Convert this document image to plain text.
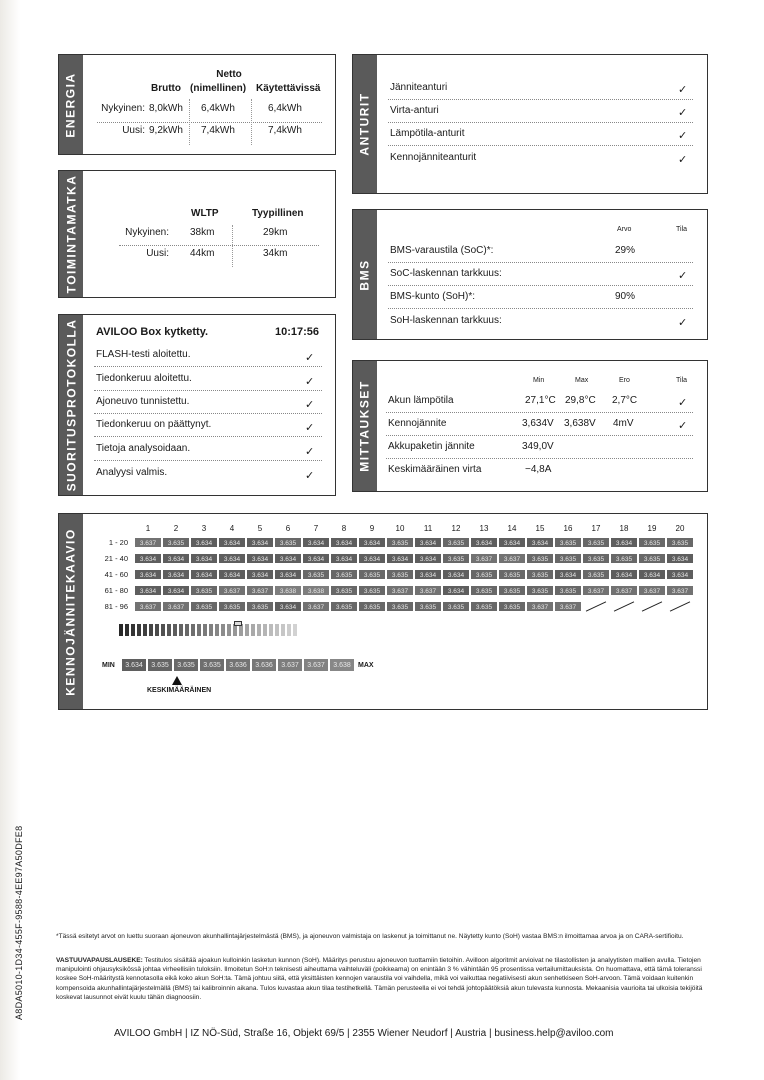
ENERGIA	Netto
Brutto (nimellinen) Käytettävissä
Nykyinen: 8,0kWh 6,4kWh	6,4kWh
Uusi: 9,2kWh 7,4kWh	7,4kWh	ANTURIT
Jänniteanturi	✓
Virta-anturi	✓
Lämpötila-anturit	✓
Kennojänniteanturit	✓
TOIMINTAMATKA	WLTP	Tyypillinen
Nykyinen: 38km	29km
Uusi: 44km	34km
BMS
Arvo	Tila
BMS-varaustila (SoC)*:	29%
SoC-laskennan tarkkuus:	✓
BMS-kunto (SoH)*:	90%
SoH-laskennan tarkkuus:	✓
SUORITUSPROTOKOLLA AVILOO Box kytketty.	10:17:56
FLASH-testi aloitettu.	✓
Tiedonkeruu aloitettu.	✓
Ajoneuvo tunnistettu.	✓
Tiedonkeruu on päättynyt.	✓
Tietoja analysoidaan.	✓
Analyysi valmis.	✓
MITTAUKSET	Min	Max	Ero	Tila
Akun lämpötila	27,1°C 29,8°C 2,7°C	✓
Kennojännite	3,634V 3,638V 4mV	✓
Akkupaketin jännite	349,0V
Keskimääräinen virta	−4,8A
KENNOJÄNNITEKAAVIO	1	2	3	4	5	6	7	8	9	10	11	12	13	14	15	16	17	18	19	20
1 - 20	3.637	3.635	3.634	3.634	3.634	3.635	3.634	3.634	3.634	3.635	3.634	3.635	3.634	3.634	3.634	3.635	3.635	3.634	3.635	3.635
21 - 40	3.634	3.634	3.634	3.634	3.634	3.634	3.634	3.634	3.634	3.634	3.634	3.635	3.637	3.637	3.635	3.635	3.635	3.635	3.635	3.634
41 - 60	3.634	3.634	3.634	3.634	3.634	3.634	3.635	3.635	3.635	3.635	3.634	3.634	3.635	3.635	3.635	3.634	3.635	3.634	3.634	3.634
61 - 80	3.634	3.634	3.635	3.637	3.637	3.638	3.638	3.635	3.635	3.637	3.637	3.634	3.635	3.635	3.635	3.635	3.637	3.637	3.637	3.637
81 - 96	3.637	3.637	3.635	3.635	3.635	3.634	3.637	3.635	3.635	3.635	3.635	3.635	3.635	3.635	3.637	3.637
MIN	3.634	3.635	3.635	3.635	3.636	3.636	3.637	3.637	3.638	MAX
KESKIMÄÄRÄINEN
A8DA5010-1D34-455F-9588-4EE97A50DFE8	*Tässä esitetyt arvot on luettu suoraan ajoneuvon akunhallintajärjestelmästä (BMS), ja ajoneuvon valmistaja on laskenut ja toimittanut ne. Näytetty kunto (SoH) vastaa BMS:n ilmoittamaa arvoa ja on CARA-sertifioitu.
VASTUUVAPAUSLAUSEKE: Testitulos sisältää ajoakun kulloinkin lasketun kunnon (SoH). Määritys perustuu ajoneuvon tuottamiin tietoihin. Avilloon algoritmit arvioivat ne tilastollisten ja analyytisten mallien avulla. Tietojen manipulointi ohjausyksikössä johtaa virheellisiin tuloksiin. Ilmoitetun SoH:n teknisesti aiheuttama vaihteluväli (poikkeama) on enintään 3 % vähintään 95 prosentissa vertailumittauksista. On huomattava, että tämä toleranssi koskee SoH-määritystä kennotasolla eikä koko akun SoH:ta. Tämä johtuu siitä, että yksittäisten kennojen varaustila voi vaihdella, mikä voi vaikuttaa negatiivisesti akun senhetkiseen SoH-arvoon. Tämä voidaan kuitenkin kompensoida akunhallintajärjestelmällä (BMS) tai kalibroinnin aikana. Tulos kuvastaa akun tilaa testihetkellä. Tämän perusteella ei voi tehdä johtopäätöksiä akun tulevasta kunnosta. Mekaanisia vaurioita tai ulkoisia tekijöitä koskevat lausunnot eivät kuulu tähän diagnoosiin.
AVILOO GmbH | IZ NÖ-Süd, Straße 16, Objekt 69/5 | 2355 Wiener Neudorf | Austria | business.help@aviloo.com
